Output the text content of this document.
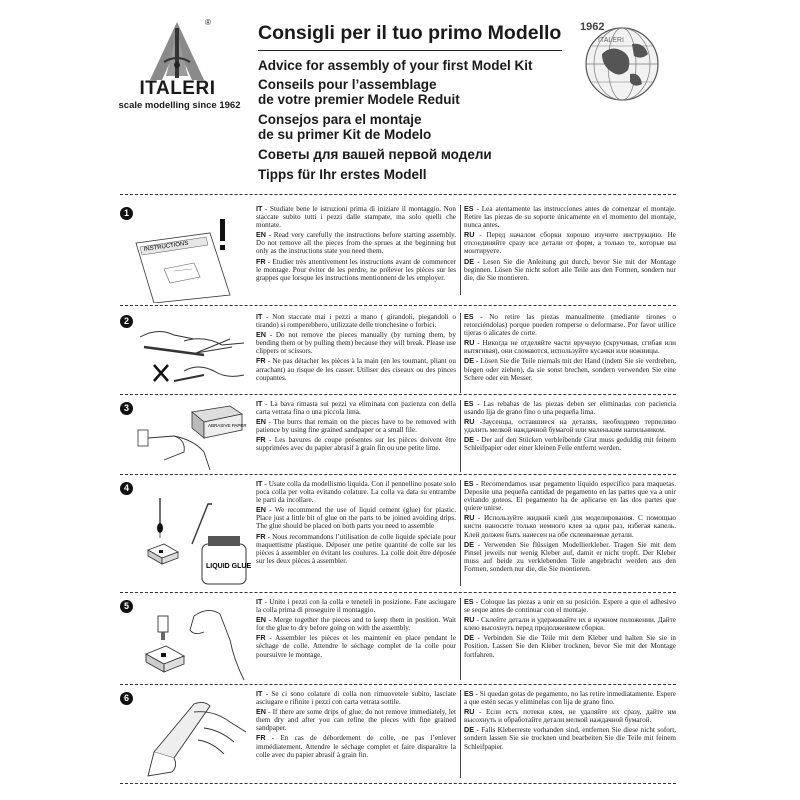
®
ITALERI
scale modelling since 1962
Consigli per il tuo primo Modello
Advice for assembly of your first Model Kit
Conseils pour l’assemblage
de votre premier Modele Reduit
Consejos para el montaje
de su primer Kit de Modelo
Советы для вашей первой модели
Tipps für Ihr erstes Modell
1962
ITALERI
1
INSTRUCTIONS

IT - Studiate bene le istruzioni prima di iniziare il montaggio. Non staccate subito tutti i pezzi dalle stampate, ma solo quelli che montate.

EN - Read very carefully the instructions before starting assembly. Do not remove all the pieces from the sprues at the beginning but only as the instructions state you need them.

FR - Etudier très attentivement les instructions avant de commencer le montage. Pour éviter de les perdre, ne prélever les pièces sur les grappes que lorsque les instructions mentionnent de les employer.

ES - Lea atentamente las instrucciones antes de comenzar el montaje. Retire las piezas de su soporte únicamente en el momento del montaje, nunca antes.

RU - Перед началом сборки хорошо изучите инструкцию. Не отсоединяйте сразу все детали от форм, а только те, которые вы монтируете.

DE - Lesen Sie die Anleitung gut durch, bevor Sie mit der Montage beginnen. Lösen Sie nicht sofort alle Teile aus den Formen, sondern nur die, die Sie montieren.

2	IT - Non staccate mai i pezzi a mano ( girandoli, piegandoli o tirando) si romperebbero, utilizzate delle tronchesine o forbici.

EN - Do not remove the pieces manually (by turning them, by bending them or by pulling them) because they will break. Please use clippers or scissors.

FR - Ne pas détacher les pièces à la main (en les tournant, pliant ou arrachant) au risque de les casser. Utiliser des ciseaux ou des pinces coupantes.

ES - No retire las piezas manualmente (mediante tirones o retorciéndolas) porque pueden romperse o deformarse. Por favor utilice tijeras o alicates de corte.

RU - Никогда не отделяйте части вручную (скручивая, сгибая или вытягивая), они сломаются, используйте кусачки или ножницы.

DE - Lösen Sie die Teile niemals mit der Hand (indem Sie sie verdrehen, biegen oder ziehen), da sie sonst brechen, sondern verwenden Sie eine Schere oder ein Messer.

3
ABRASIVE PAPER

IT - La bava rimasta sui pezzi va eliminata con pazienza con della carta vetrata fina o una piccola lima.

EN - The burrs that remain on the pieces have to be removed with patience by using fine grained sandpaper or a small file.

FR - Les bavures de coupe présentes sur les pièces doivent être supprimées avec du papier abrasif à grain fin ou une petite lime.

ES - Las rebabas de las piezas deben ser eliminadas con paciencia usando lija de grano fino o una pequeña lima.

RU -Заусенцы, оставшиеся на деталях, необходимо терпеливо удалить мелкой наждачной бумагой или маленьким напильником.

DE - Der auf den Stücken verbleibende Grat muss geduldig mit feinem Schleifpapier oder einer kleinen Feile entfernt werden.

4
LIQUID GLUE

IT - Usate colla da modellismo liquida. Con il pennellino posate solo poca colla per volta evitando colature. La colla va data su entrambe le parti da incollare.

EN - We recommend the use of liquid cement (glue) for plastic. Place just a little bit of glue on the parts to be joined avoiding drips. The glue should be placed on both parts you need to assemble

FR - Nous recommandons l’utilisation de colle liquide spéciale pour maquettisme plastique. Déposer une petite quantité de colle sur les pièces à assembler en évitant les coulures. La colle doit être déposée sur les deux pièces à assembler.

ES - Recomendamos usar pegamento líquido específico para maquetas. Deposite una pequeña cantidad de pegamento en las partes que va a unir evitando goteos. El pegamento ha de aplicarse en las dos partes que quiere unirse.

RU - Используйте жидкий клей для моделирования. С помощью кисти наносите только немного клея за один раз, избегая капель. Клей должен быть нанесен на обе склеиваемые детали.

DE - Verwenden Sie flüssigen Modellierkleber. Tragen Sie mit dem Pinsel jeweils nur wenig Kleber auf, damit er nicht tropft. Der Kleber muss auf beide zu verklebenden Teile angebracht werden aus den Formen, sondern nur die, die Sie montieren.

5	IT - Unite i pezzi con la colla e teneteli in posizione. Fate asciugare la colla prima di proseguire il montaggio.

EN - Merge together the pieces and to keep them in position. Wait for the glue to dry before going on with the assembly.

FR - Assembler les pièces et les maintenir en place pendant le séchage de colle. Attendre le séchage complet de la colle pour poursuivre le montage.

ES - Coloque las piezas a unir en su posición. Espere a que el adhesivo se seque antes de continuar con el montaje.

RU - Склейте детали и удерживайте их в нужном положении. Дайте клею высохнуть перед продолжением сборки.

DE - Verbinden Sie die Teile mit dem Kleber und halten Sie sie in Position. Lassen Sie den Kleber trocknen, bevor Sie mit der Montage fortfahren.

6	IT - Se ci sono colature di colla non rimuovetele subito, lasciate asciugare e rifinite i pezzi con carta vetrata sottile.

EN - If there are some drips of glue, do not remove immediately, let them dry and after you can refine the pieces with fine grained sandpaper.

FR - En cas de débordement de colle, ne pas l’enlever immédiatement. Attendre le séchage complet et faire disparaître la colle avec du papier abrasif à grain fin.

ES - Si quedan gotas de pegamento, no las retire inmediatamente. Espere a que estén secas y elimínelas con lija de grano fino.

RU - Если есть потеки клея, не удаляйте их сразу, дайте им высохнуть и обработайте детали мелкой наждачной бумагой.

DE - Falls Kleberreste vorhanden sind, entfernen Sie diese nicht sofort, sondern lassen Sie sie trocknen und bearbeiten Sie die Teile mit feinem Schleifpapier.
